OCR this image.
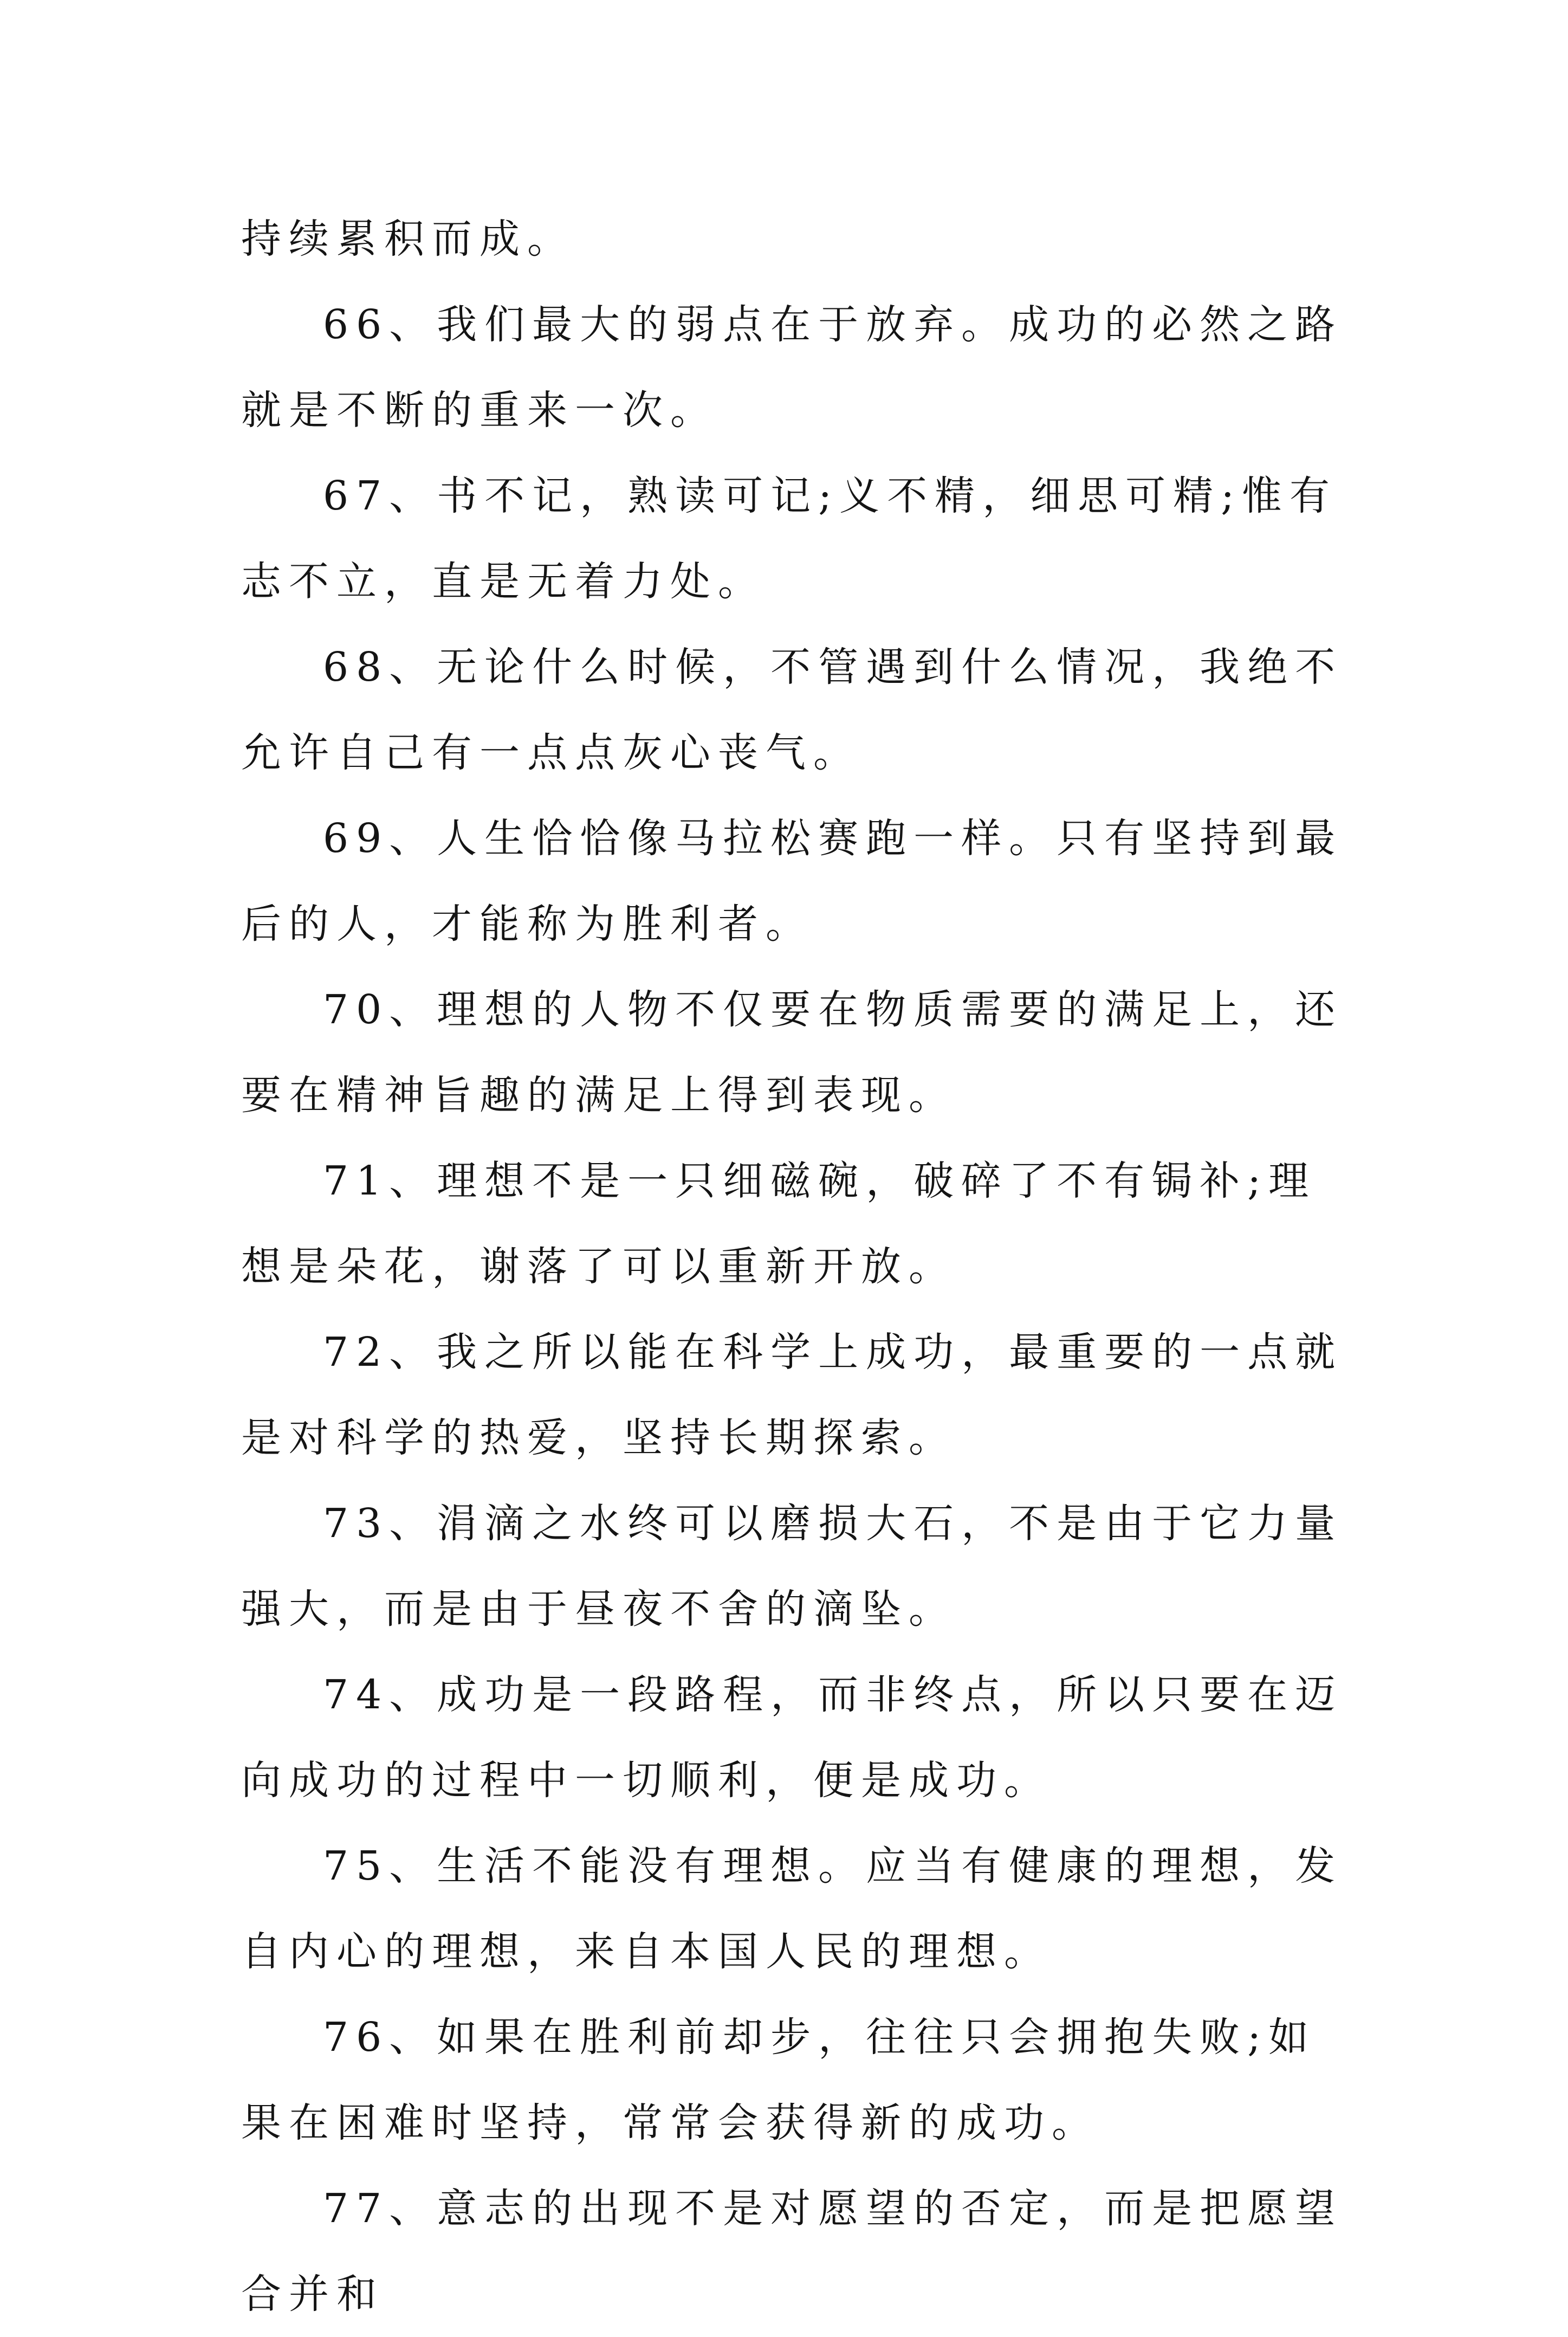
持续累积而成。

66、我们最大的弱点在于放弃。成功的必然之路就是不断的重来一次。

67、书不记，熟读可记;义不精，细思可精;惟有志不立，直是无着力处。

68、无论什么时候，不管遇到什么情况，我绝不允许自己有一点点灰心丧气。

69、人生恰恰像马拉松赛跑一样。只有坚持到最后的人，才能称为胜利者。

70、理想的人物不仅要在物质需要的满足上，还要在精神旨趣的满足上得到表现。

71、理想不是一只细磁碗，破碎了不有锔补;理想是朵花，谢落了可以重新开放。

72、我之所以能在科学上成功，最重要的一点就是对科学的热爱，坚持长期探索。

73、涓滴之水终可以磨损大石，不是由于它力量强大，而是由于昼夜不舍的滴坠。

74、成功是一段路程，而非终点，所以只要在迈向成功的过程中一切顺利，便是成功。

75、生活不能没有理想。应当有健康的理想，发自内心的理想，来自本国人民的理想。

76、如果在胜利前却步，往往只会拥抱失败;如果在困难时坚持，常常会获得新的成功。

77、意志的出现不是对愿望的否定，而是把愿望合并和
